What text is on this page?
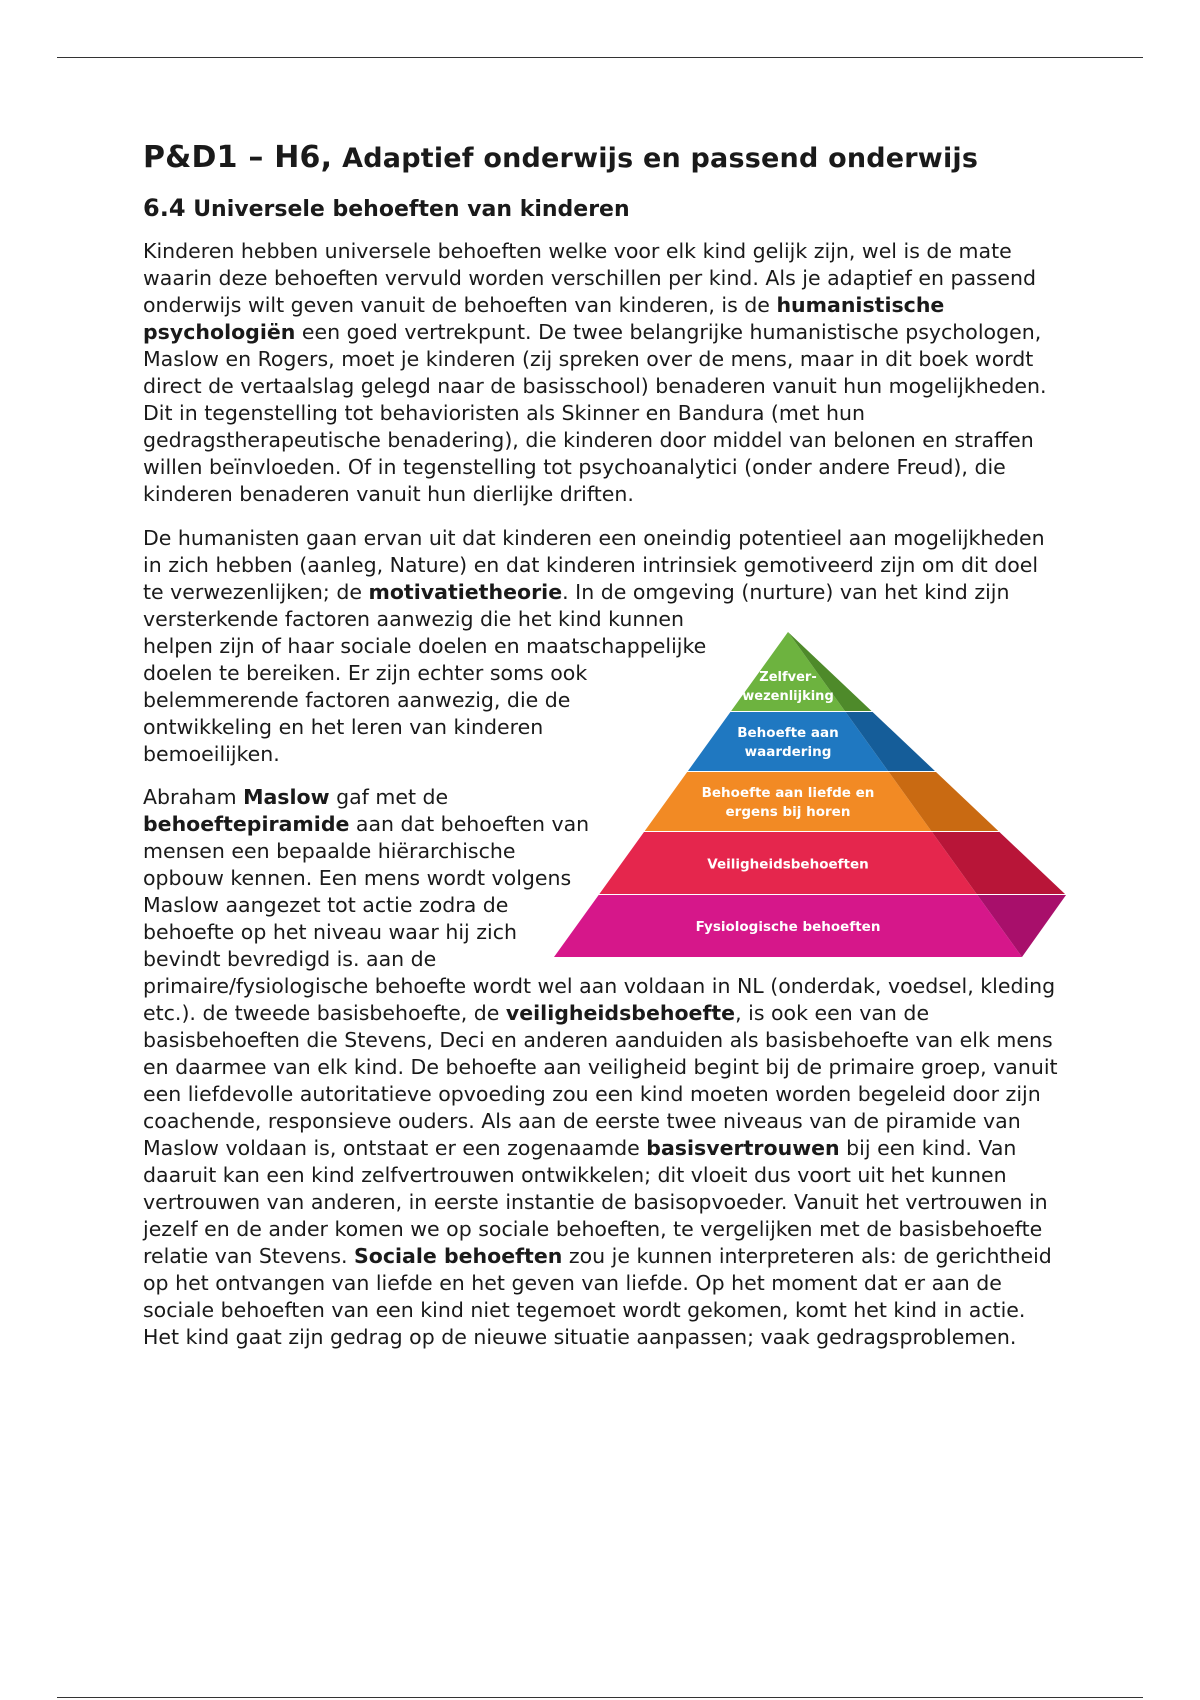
P&D1 – H6, Adaptief onderwijs en passend onderwijs
6.4 Universele behoeften van kinderen

Kinderen hebben universele behoeften welke voor elk kind gelijk zijn, wel is de mate waarin deze behoeften vervuld worden verschillen per kind. Als je adaptief en passend onderwijs wilt geven vanuit de behoeften van kinderen, is de humanistische psychologiën een goed vertrekpunt. De twee belangrijke humanistische psychologen, Maslow en Rogers, moet je kinderen (zij spreken over de mens, maar in dit boek wordt direct de vertaalslag gelegd naar de basisschool) benaderen vanuit hun mogelijkheden. Dit in tegenstelling tot behavioristen als Skinner en Bandura (met hun gedragstherapeutische benadering), die kinderen door middel van belonen en straffen willen beïnvloeden. Of in tegenstelling tot psychoanalytici (onder andere Freud), die kinderen benaderen vanuit hun dierlijke driften.

De humanisten gaan ervan uit dat kinderen een oneindig potentieel aan mogelijkheden in zich hebben (aanleg, Nature) en dat kinderen intrinsiek gemotiveerd zijn om dit doel te verwezenlijken; de motivatietheorie. In de omgeving (nurture) van het kind
Zelfver-
wezenlijking
Behoefte aan
waardering
Behoefte aan liefde en
ergens bij horen
Veiligheidsbehoeften
Fysiologische behoeften
zijn versterkende factoren aanwezig die het kind kunnen helpen zijn of haar sociale doelen en maatschappelijke doelen te bereiken. Er zijn echter soms ook belemmerende factoren aanwezig, die de ontwikkeling en het leren van kinderen bemoeilijken.

Abraham Maslow gaf met de behoeftepiramide aan dat behoeften van mensen een bepaalde hiërarchische opbouw kennen. Een mens wordt volgens Maslow aangezet tot actie zodra de behoefte op het niveau waar hij zich bevindt bevredigd is. aan de primaire/fysiologische behoefte wordt wel aan voldaan in NL (onderdak, voedsel, kleding etc.). de tweede basisbehoefte, de veiligheidsbehoefte, is ook een van de basisbehoeften die Stevens, Deci en anderen aanduiden als basisbehoefte van elk mens en daarmee van elk kind. De behoefte aan veiligheid begint bij de primaire groep, vanuit een liefdevolle autoritatieve opvoeding zou een kind moeten worden begeleid door zijn coachende, responsieve ouders. Als aan de eerste twee niveaus van de piramide van Maslow voldaan is, ontstaat er een zogenaamde basisvertrouwen bij een kind. Van daaruit kan een kind zelfvertrouwen ontwikkelen; dit vloeit dus voort uit het kunnen vertrouwen van anderen, in eerste instantie de basisopvoeder. Vanuit het vertrouwen in jezelf en de ander komen we op sociale behoeften, te vergelijken met de basisbehoefte relatie van Stevens. Sociale behoeften zou je kunnen interpreteren als: de gerichtheid op het ontvangen van liefde en het geven van liefde. Op het moment dat er aan de sociale behoeften van een kind niet tegemoet wordt gekomen, komt het kind in actie. Het kind gaat zijn gedrag op de nieuwe situatie aanpassen; vaak gedragsproblemen.
